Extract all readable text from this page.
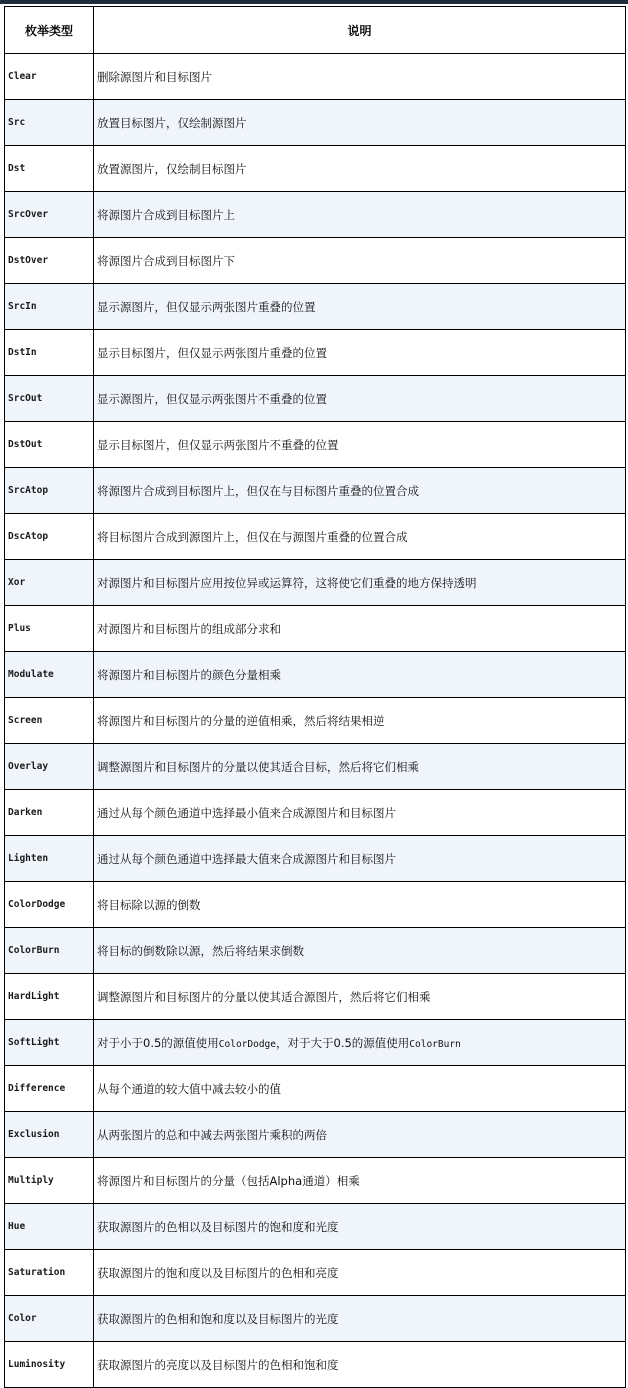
枚举类型	说明
Clear	删除源图片和目标图片
Src	放置目标图片，仅绘制源图片
Dst	放置源图片，仅绘制目标图片
SrcOver	将源图片合成到目标图片上
DstOver	将源图片合成到目标图片下
SrcIn	显示源图片，但仅显示两张图片重叠的位置
DstIn	显示目标图片，但仅显示两张图片重叠的位置
SrcOut	显示源图片，但仅显示两张图片不重叠的位置
DstOut	显示目标图片，但仅显示两张图片不重叠的位置
SrcAtop	将源图片合成到目标图片上，但仅在与目标图片重叠的位置合成
DscAtop	将目标图片合成到源图片上，但仅在与源图片重叠的位置合成
Xor	对源图片和目标图片应用按位异或运算符，这将使它们重叠的地方保持透明
Plus	对源图片和目标图片的组成部分求和
Modulate	将源图片和目标图片的颜色分量相乘
Screen	将源图片和目标图片的分量的逆值相乘，然后将结果相逆
Overlay	调整源图片和目标图片的分量以使其适合目标，然后将它们相乘
Darken	通过从每个颜色通道中选择最小值来合成源图片和目标图片
Lighten	通过从每个颜色通道中选择最大值来合成源图片和目标图片
ColorDodge	将目标除以源的倒数
ColorBurn	将目标的倒数除以源，然后将结果求倒数
HardLight	调整源图片和目标图片的分量以使其适合源图片，然后将它们相乘
SoftLight	对于小于0.5的源值使用ColorDodge，对于大于0.5的源值使用ColorBurn
Difference	从每个通道的较大值中减去较小的值
Exclusion	从两张图片的总和中减去两张图片乘积的两倍
Multiply	将源图片和目标图片的分量（包括Alpha通道）相乘
Hue	获取源图片的色相以及目标图片的饱和度和光度
Saturation	获取源图片的饱和度以及目标图片的色相和亮度
Color	获取源图片的色相和饱和度以及目标图片的光度
Luminosity	获取源图片的亮度以及目标图片的色相和饱和度
